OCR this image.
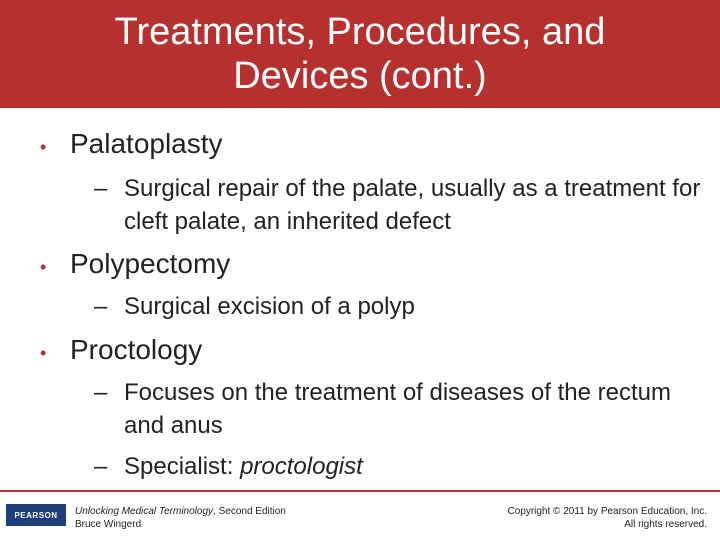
Treatments, Procedures, and
Devices (cont.)
• Palatoplasty
– Surgical repair of the palate, usually as a treatment for cleft palate, an inherited defect
• Polypectomy
– Surgical excision of a polyp
• Proctology
– Focuses on the treatment of diseases of the rectum and anus
– Specialist: proctologist
PEARSON Unlocking Medical Terminology, Second Edition
Bruce Wingerd
Copyright © 2011 by Pearson Education, Inc.
All rights reserved.
